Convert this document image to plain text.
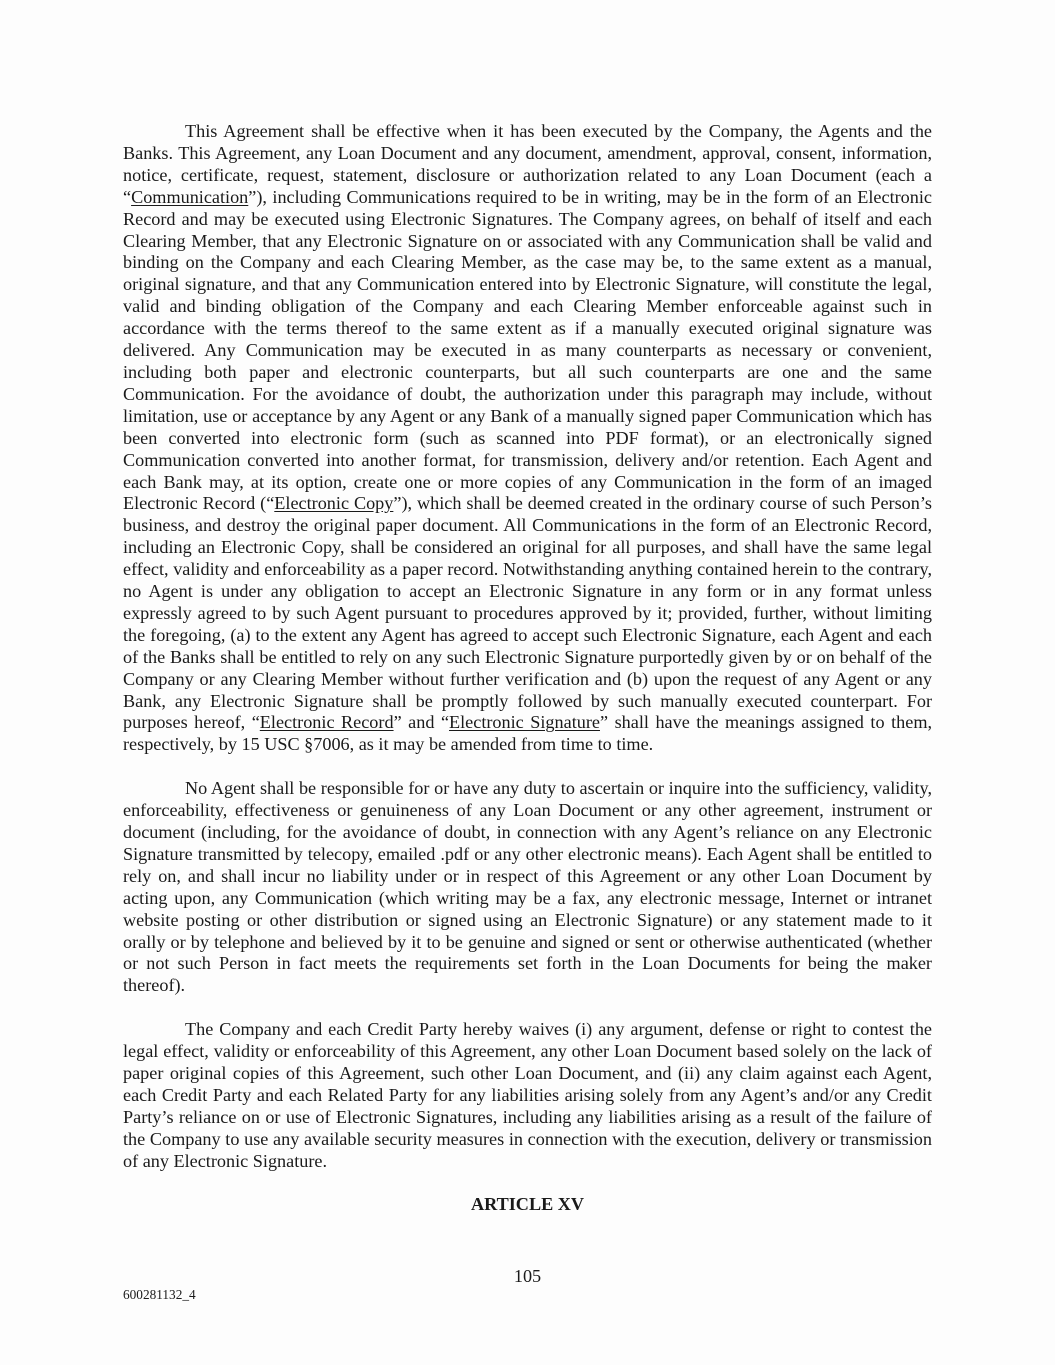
This Agreement shall be effective when it has been executed by the Company, the Agents and the Banks. This Agreement, any Loan Document and any document, amendment, approval, consent, information, notice, certificate, request, statement, disclosure or authorization related to any Loan Document (each a “Communication”), including Communications required to be in writing, may be in the form of an Electronic Record and may be executed using Electronic Signatures. The Company agrees, on behalf of itself and each Clearing Member, that any Electronic Signature on or associated with any Communication shall be valid and binding on the Company and each Clearing Member, as the case may be, to the same extent as a manual, original signature, and that any Communication entered into by Electronic Signature, will constitute the legal, valid and binding obligation of the Company and each Clearing Member enforceable against such in accordance with the terms thereof to the same extent as if a manually executed original signature was delivered. Any Communication may be executed in as many counterparts as necessary or convenient, including both paper and electronic counterparts, but all such counterparts are one and the same Communication. For the avoidance of doubt, the authorization under this paragraph may include, without limitation, use or acceptance by any Agent or any Bank of a manually signed paper Communication which has been converted into electronic form (such as scanned into PDF format), or an electronically signed Communication converted into another format, for transmission, delivery and/or retention. Each Agent and each Bank may, at its option, create one or more copies of any Communication in the form of an imaged Electronic Record (“Electronic Copy”), which shall be deemed created in the ordinary course of such Person’s business, and destroy the original paper document. All Communications in the form of an Electronic Record, including an Electronic Copy, shall be considered an original for all purposes, and shall have the same legal effect, validity and enforceability as a paper record. Notwithstanding anything contained herein to the contrary, no Agent is under any obligation to accept an Electronic Signature in any form or in any format unless expressly agreed to by such Agent pursuant to procedures approved by it; provided, further, without limiting the foregoing, (a) to the extent any Agent has agreed to accept such Electronic Signature, each Agent and each of the Banks shall be entitled to rely on any such Electronic Signature purportedly given by or on behalf of the Company or any Clearing Member without further verification and (b) upon the request of any Agent or any Bank, any Electronic Signature shall be promptly followed by such manually executed counterpart. For purposes hereof, “Electronic Record” and “Electronic Signature” shall have the meanings assigned to them, respectively, by 15 USC §7006, as it may be amended from time to time.

No Agent shall be responsible for or have any duty to ascertain or inquire into the sufficiency, validity, enforceability, effectiveness or genuineness of any Loan Document or any other agreement, instrument or document (including, for the avoidance of doubt, in connection with any Agent’s reliance on any Electronic Signature transmitted by telecopy, emailed .pdf or any other electronic means). Each Agent shall be entitled to rely on, and shall incur no liability under or in respect of this Agreement or any other Loan Document by acting upon, any Communication (which writing may be a fax, any electronic message, Internet or intranet website posting or other distribution or signed using an Electronic Signature) or any statement made to it orally or by telephone and believed by it to be genuine and signed or sent or otherwise authenticated (whether or not such Person in fact meets the requirements set forth in the Loan Documents for being the maker thereof).

The Company and each Credit Party hereby waives (i) any argument, defense or right to contest the legal effect, validity or enforceability of this Agreement, any other Loan Document based solely on the lack of paper original copies of this Agreement, such other Loan Document, and (ii) any claim against each Agent, each Credit Party and each Related Party for any liabilities arising solely from any Agent’s and/or any Credit Party’s reliance on or use of Electronic Signatures, including any liabilities arising as a result of the failure of the Company to use any available security measures in connection with the execution, delivery or transmission of any Electronic Signature.

ARTICLE XV
105
600281132_4
